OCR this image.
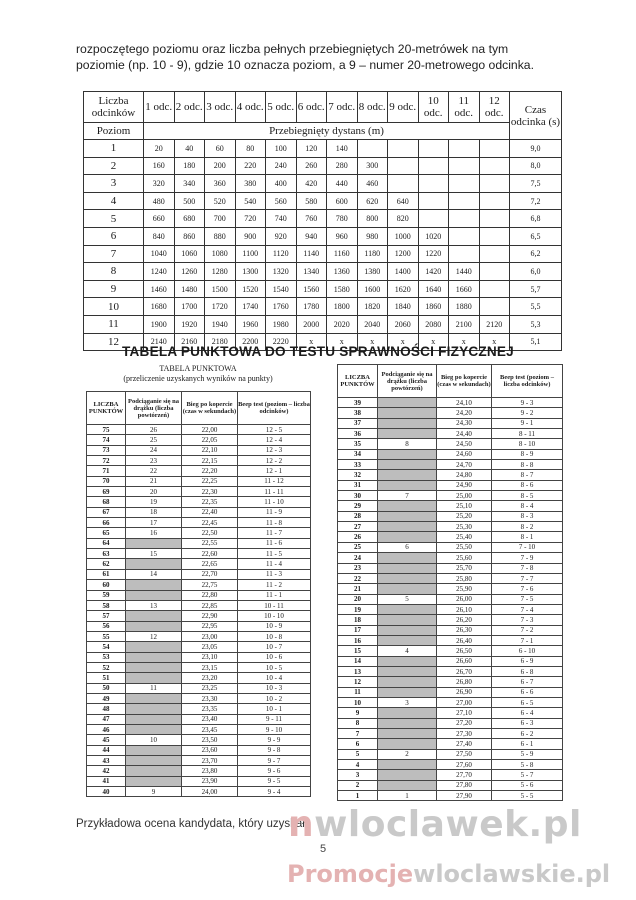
rozpoczętego poziomu oraz liczba pełnych przebiegniętych 20-metrówek na tym
poziomie (np. 10 - 9), gdzie 10 oznacza poziom, a 9 – numer 20-metrowego odcinka.
Liczba odcinków	1 odc.	2 odc.	3 odc.	4 odc.	5 odc.	6 odc.	7 odc.	8 odc.	9 odc.	10 odc.	11 odc.	12 odc.	Czas odcinka (s)
Poziom	Przebiegnięty dystans (m)												
1	20	40	60	80	100	120	140						9,0
2	160	180	200	220	240	260	280	300					8,0
3	320	340	360	380	400	420	440	460					7,5
4	480	500	520	540	560	580	600	620	640				7,2
5	660	680	700	720	740	760	780	800	820				6,8
6	840	860	880	900	920	940	960	980	1000	1020			6,5
7	1040	1060	1080	1100	1120	1140	1160	1180	1200	1220			6,2
8	1240	1260	1280	1300	1320	1340	1360	1380	1400	1420	1440		6,0
9	1460	1480	1500	1520	1540	1560	1580	1600	1620	1640	1660		5,7
10	1680	1700	1720	1740	1760	1780	1800	1820	1840	1860	1880		5,5
11	1900	1920	1940	1960	1980	2000	2020	2040	2060	2080	2100	2120	5,3
12	2140	2160	2180	2200	2220	x	x	x	x	x	x	x	5,1
TABELA PUNKTOWA DO TESTU SPRAWNOŚCI FIZYCZNEJ
TABELA PUNKTOWA
(przeliczenie uzyskanych wyników na punkty)
LICZBA PUNKTÓW	Podciąganie się na drążku (liczba powtórzeń)	Bieg po kopercie (czas w sekundach)	Beep test (poziom – liczba odcinków)
75	26	22,00	12 - 5
74	25	22,05	12 - 4
73	24	22,10	12 - 3
72	23	22,15	12 - 2
71	22	22,20	12 - 1
70	21	22,25	11 - 12
69	20	22,30	11 - 11
68	19	22,35	11 - 10
67	18	22,40	11 - 9
66	17	22,45	11 - 8
65	16	22,50	11 - 7
64		22,55	11 - 6
63	15	22,60	11 - 5
62		22,65	11 - 4
61	14	22,70	11 - 3
60		22,75	11 - 2
59		22,80	11 - 1
58	13	22,85	10 - 11
57		22,90	10 - 10
56		22,95	10 - 9
55	12	23,00	10 - 8
54		23,05	10 - 7
53		23,10	10 - 6
52		23,15	10 - 5
51		23,20	10 - 4
50	11	23,25	10 - 3
49		23,30	10 - 2
48		23,35	10 - 1
47		23,40	9 - 11
46		23,45	9 - 10
45	10	23,50	9 - 9
44		23,60	9 - 8
43		23,70	9 - 7
42		23,80	9 - 6
41		23,90	9 - 5
40	9	24,00	9 - 4
LICZBA PUNKTÓW	Podciąganie się na drążku (liczba powtórzeń)	Bieg po kopercie (czas w sekundach)	Beep test (poziom – liczba odcinków)
39		24,10	9 - 3
38		24,20	9 - 2
37		24,30	9 - 1
36		24,40	8 - 11
35	8	24,50	8 - 10
34		24,60	8 - 9
33		24,70	8 - 8
32		24,80	8 - 7
31		24,90	8 - 6
30	7	25,00	8 - 5
29		25,10	8 - 4
28		25,20	8 - 3
27		25,30	8 - 2
26		25,40	8 - 1
25	6	25,50	7 - 10
24		25,60	7 - 9
23		25,70	7 - 8
22		25,80	7 - 7
21		25,90	7 - 6
20	5	26,00	7 - 5
19		26,10	7 - 4
18		26,20	7 - 3
17		26,30	7 - 2
16		26,40	7 - 1
15	4	26,50	6 - 10
14		26,60	6 - 9
13		26,70	6 - 8
12		26,80	6 - 7
11		26,90	6 - 6
10	3	27,00	6 - 5
9		27,10	6 - 4
8		27,20	6 - 3
7		27,30	6 - 2
6		27,40	6 - 1
5	2	27,50	5 - 9
4		27,60	5 - 8
3		27,70	5 - 7
2		27,80	5 - 6
1	1	27,90	5 - 5
Przykładowa ocena kandydata, który uzyskał
5
nwloclawek.pl
Promocjewloclawskie.pl
